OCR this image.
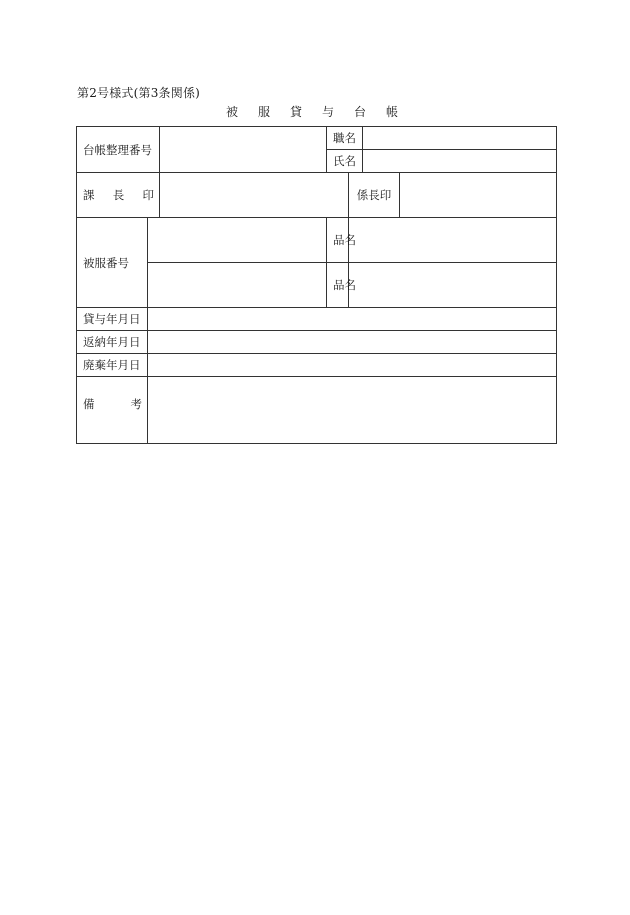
第2号様式(第3条関係)
被服貸与台帳
台帳整理番号			職名			
			氏名			

課 長 印				係長印		
被服番号			品名			
			品名			
貸与年月日						
返納年月日						
廃棄年月日						

備 考						
